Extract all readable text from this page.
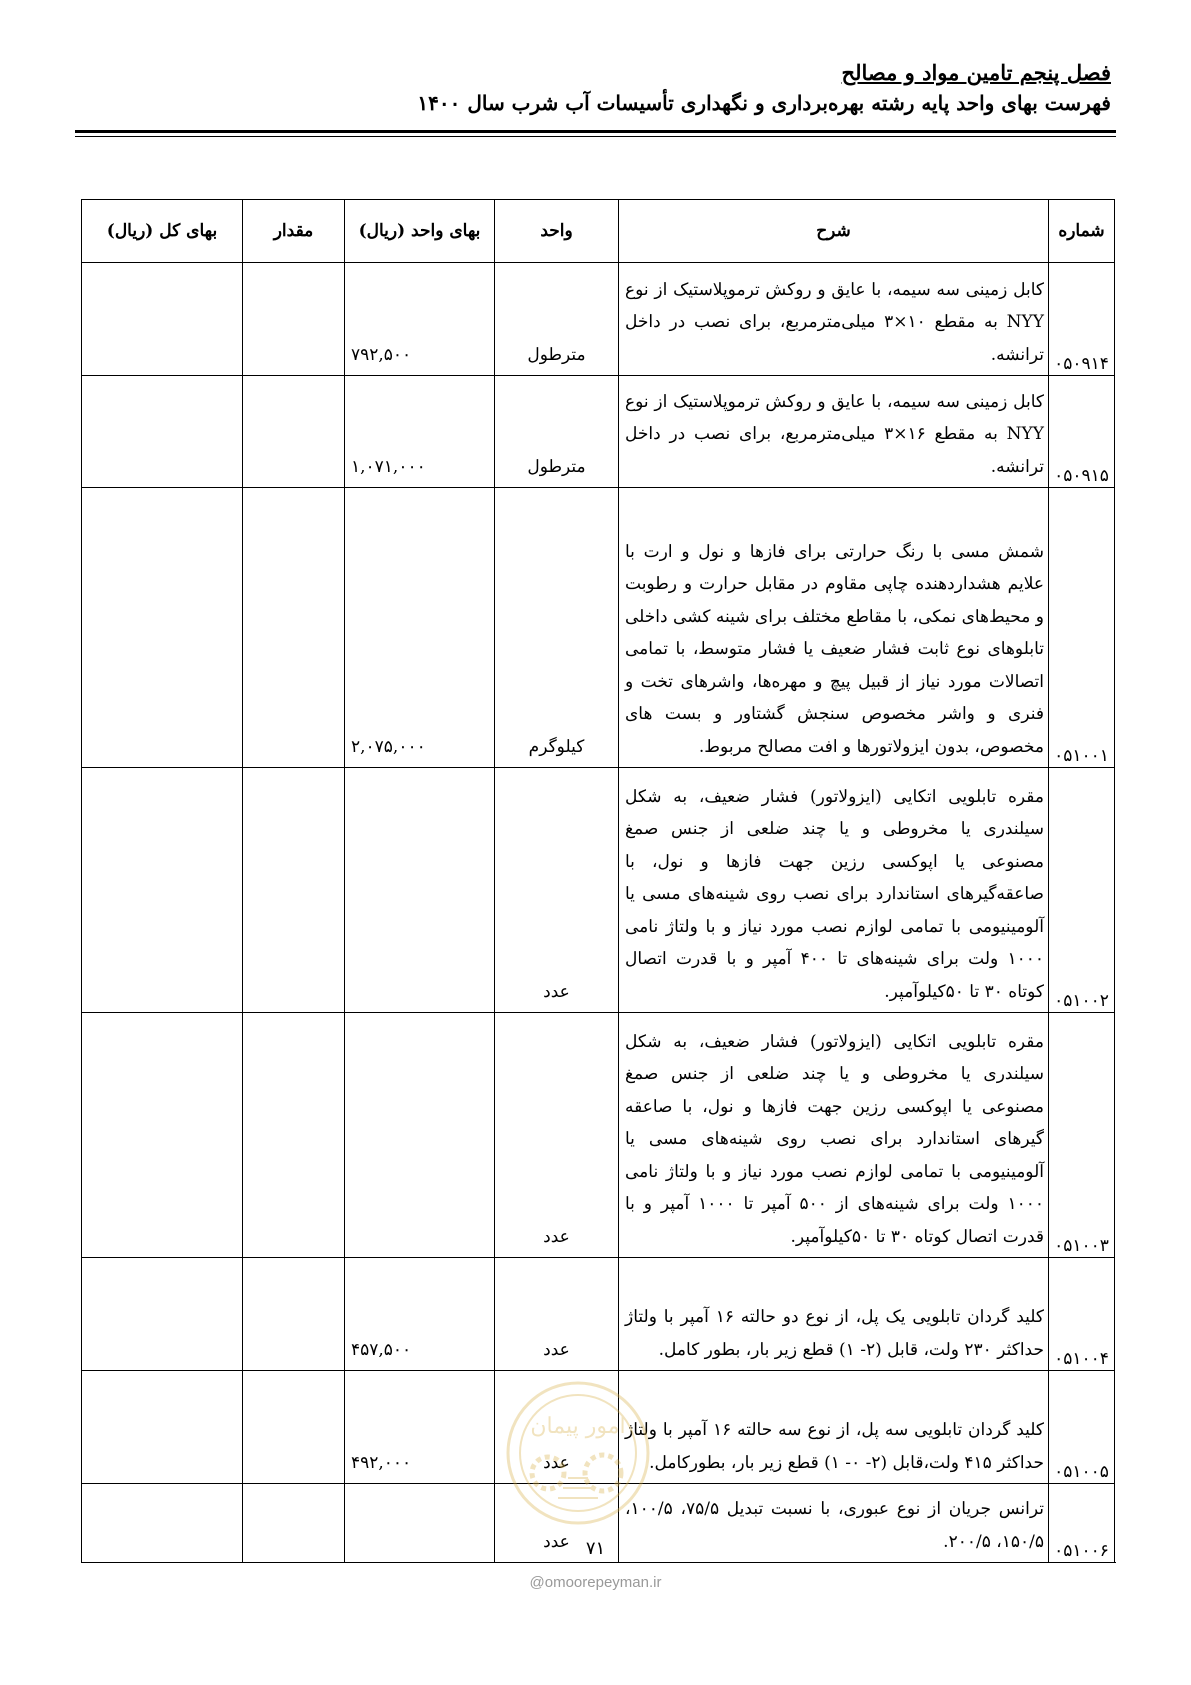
فصل پنجم تامین مواد و مصالح
فهرست بهای واحد پایه رشته بهره‌برداری و نگهداری تأسیسات آب شرب سال ۱۴۰۰
شماره	شرح	واحد	بهای واحد (ریال)	مقدار	بهای کل (ریال)
۰۵۰۹۱۴	کابل زمینی سه سیمه، با عایق و روکش ترموپلاستیک از نوع NYY به مقطع ۱۰×۳ میلی‌مترمربع، برای نصب در داخل ترانشه.	مترطول	۷۹۲,۵۰۰		
۰۵۰۹۱۵	کابل زمینی سه سیمه، با عایق و روکش ترموپلاستیک از نوع NYY به مقطع ۱۶×۳ میلی‌مترمربع، برای نصب در داخل ترانشه.	مترطول	۱,۰۷۱,۰۰۰		
۰۵۱۰۰۱	شمش مسی با رنگ حرارتی برای فازها و نول و ارت با علایم هشداردهنده چاپی مقاوم در مقابل حرارت و رطوبت و محیط‌های نمکی، با مقاطع مختلف برای شینه کشی داخلی تابلوهای نوع ثابت فشار ضعیف یا فشار متوسط، با تمامی اتصالات مورد نیاز از قبیل پیچ و مهره‌ها، واشرهای تخت و فنری و واشر مخصوص سنجش گشتاور و بست های مخصوص، بدون ایزولاتورها و افت مصالح مربوط.	کیلوگرم	۲,۰۷۵,۰۰۰		
۰۵۱۰۰۲	مقره تابلویی اتکایی (ایزولاتور) فشار ضعیف، به شکل سیلندری یا مخروطی و یا چند ضلعی از جنس صمغ مصنوعی یا اپوکسی رزین جهت فازها و نول، با صاعقه‌گیرهای استاندارد برای نصب روی شینه‌های مسی یا آلومینیومی با تمامی لوازم نصب مورد نیاز و با ولتاژ نامی ۱۰۰۰ ولت برای شینه‌های تا ۴۰۰ آمپر و با قدرت اتصال کوتاه ۳۰ تا ۵۰کیلوآمپر.	عدد			
۰۵۱۰۰۳	مقره تابلویی اتکایی (ایزولاتور) فشار ضعیف، به شکل سیلندری یا مخروطی و یا چند ضلعی از جنس صمغ مصنوعی یا اپوکسی رزین جهت فازها و نول، با صاعقه گیرهای استاندارد برای نصب روی شینه‌های مسی یا آلومینیومی با تمامی لوازم نصب مورد نیاز و با ولتاژ نامی ۱۰۰۰ ولت برای شینه‌های از ۵۰۰ آمپر تا ۱۰۰۰ آمپر و با قدرت اتصال کوتاه ۳۰ تا ۵۰کیلوآمپر.	عدد			
۰۵۱۰۰۴	کلید گردان تابلویی یک پل، از نوع دو حالته ۱۶ آمپر با ولتاژ حداکثر ۲۳۰ ولت، قابل (۲- ۱) قطع زیر بار، بطور کامل.	عدد	۴۵۷,۵۰۰		
۰۵۱۰۰۵	کلید گردان تابلویی سه پل، از نوع سه حالته ۱۶ آمپر با ولتاژ حداکثر ۴۱۵ ولت،قابل (۲- ۰- ۱) قطع زیر بار، بطورکامل.	عدد	۴۹۲,۰۰۰		
۰۵۱۰۰۶	ترانس جریان از نوع عبوری، با نسبت تبدیل ۷۵/۵، ۱۰۰/۵، ۱۵۰/۵، ۲۰۰/۵.	عدد			
امور پیمان
۷۱
@omoorepeyman.ir
